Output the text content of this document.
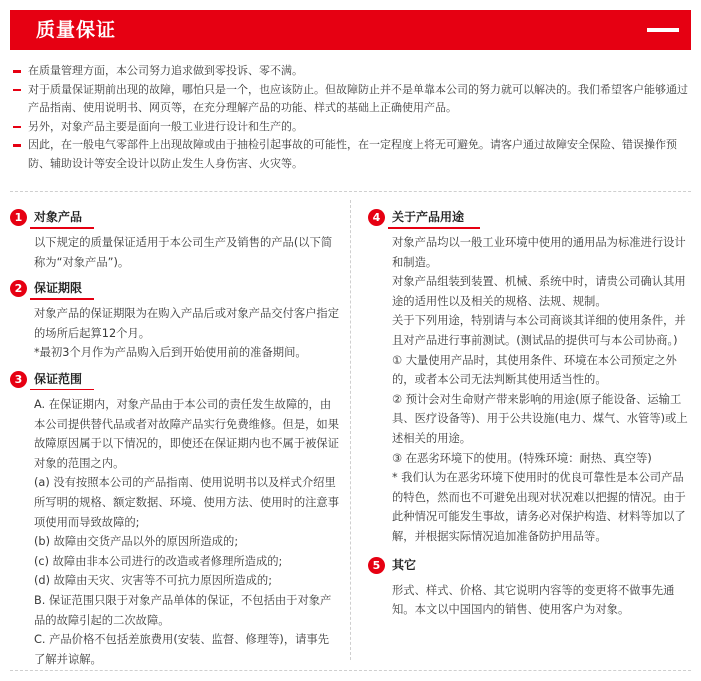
质量保证
在质量管理方面，本公司努力追求做到零投诉、零不满。
对于质量保证期前出现的故障，哪怕只是一个，也应该防止。但故障防止并不是单靠本公司的努力就可以解决的。我们希望客户能够通过产品指南、使用说明书、网页等，在充分理解产品的功能、样式的基础上正确使用产品。
另外，对象产品主要是面向一般工业进行设计和生产的。
因此，在一般电气零部件上出现故障或由于抽检引起事故的可能性，在一定程度上将无可避免。请客户通过故障安全保险、错误操作预防、辅助设计等安全设计以防止发生人身伤害、火灾等。
1 对象产品

以下规定的质量保证适用于本公司生产及销售的产品(以下简称为“对象产品”)。

2 保证期限

对象产品的保证期限为在购入产品后或对象产品交付客户指定的场所后起算12个月。

*最初3个月作为产品购入后到开始使用前的准备期间。

3 保证范围

A. 在保证期内，对象产品由于本公司的责任发生故障的，由本公司提供替代品或者对故障产品实行免费维修。但是，如果故障原因属于以下情况的，即使还在保证期内也不属于被保证对象的范围之内。

(a) 没有按照本公司的产品指南、使用说明书以及样式介绍里所写明的规格、额定数据、环境、使用方法、使用时的注意事项使用而导致故障的;

(b) 故障由交货产品以外的原因所造成的;

(c) 故障由非本公司进行的改造或者修理所造成的;

(d) 故障由天灾、灾害等不可抗力原因所造成的;

B. 保证范围只限于对象产品单体的保证，不包括由于对象产品的故障引起的二次故障。

C. 产品价格不包括差旅费用(安装、监督、修理等)，请事先了解并谅解。

4 关于产品用途

对象产品均以一般工业环境中使用的通用品为标准进行设计和制造。

对象产品组装到装置、机械、系统中时，请贵公司确认其用途的适用性以及相关的规格、法规、规制。

关于下列用途，特别请与本公司商谈其详细的使用条件，并且对产品进行事前测试。(测试品的提供可与本公司协商。)

① 大量使用产品时，其使用条件、环境在本公司预定之外的，或者本公司无法判断其使用适当性的。

② 预计会对生命财产带来影响的用途(原子能设备、运输工具、医疗设备等)、用于公共设施(电力、煤气、水管等)或上述相关的用途。

③ 在恶劣环境下的使用。(特殊环境：耐热、真空等)

* 我们认为在恶劣环境下使用时的优良可靠性是本公司产品的特色，然而也不可避免出现对状况难以把握的情况。由于此种情况可能发生事故，请务必对保护构造、材料等加以了解，并根据实际情况追加准备防护用品等。

5 其它

形式、样式、价格、其它说明内容等的变更将不做事先通知。本文以中国国内的销售、使用客户为对象。
